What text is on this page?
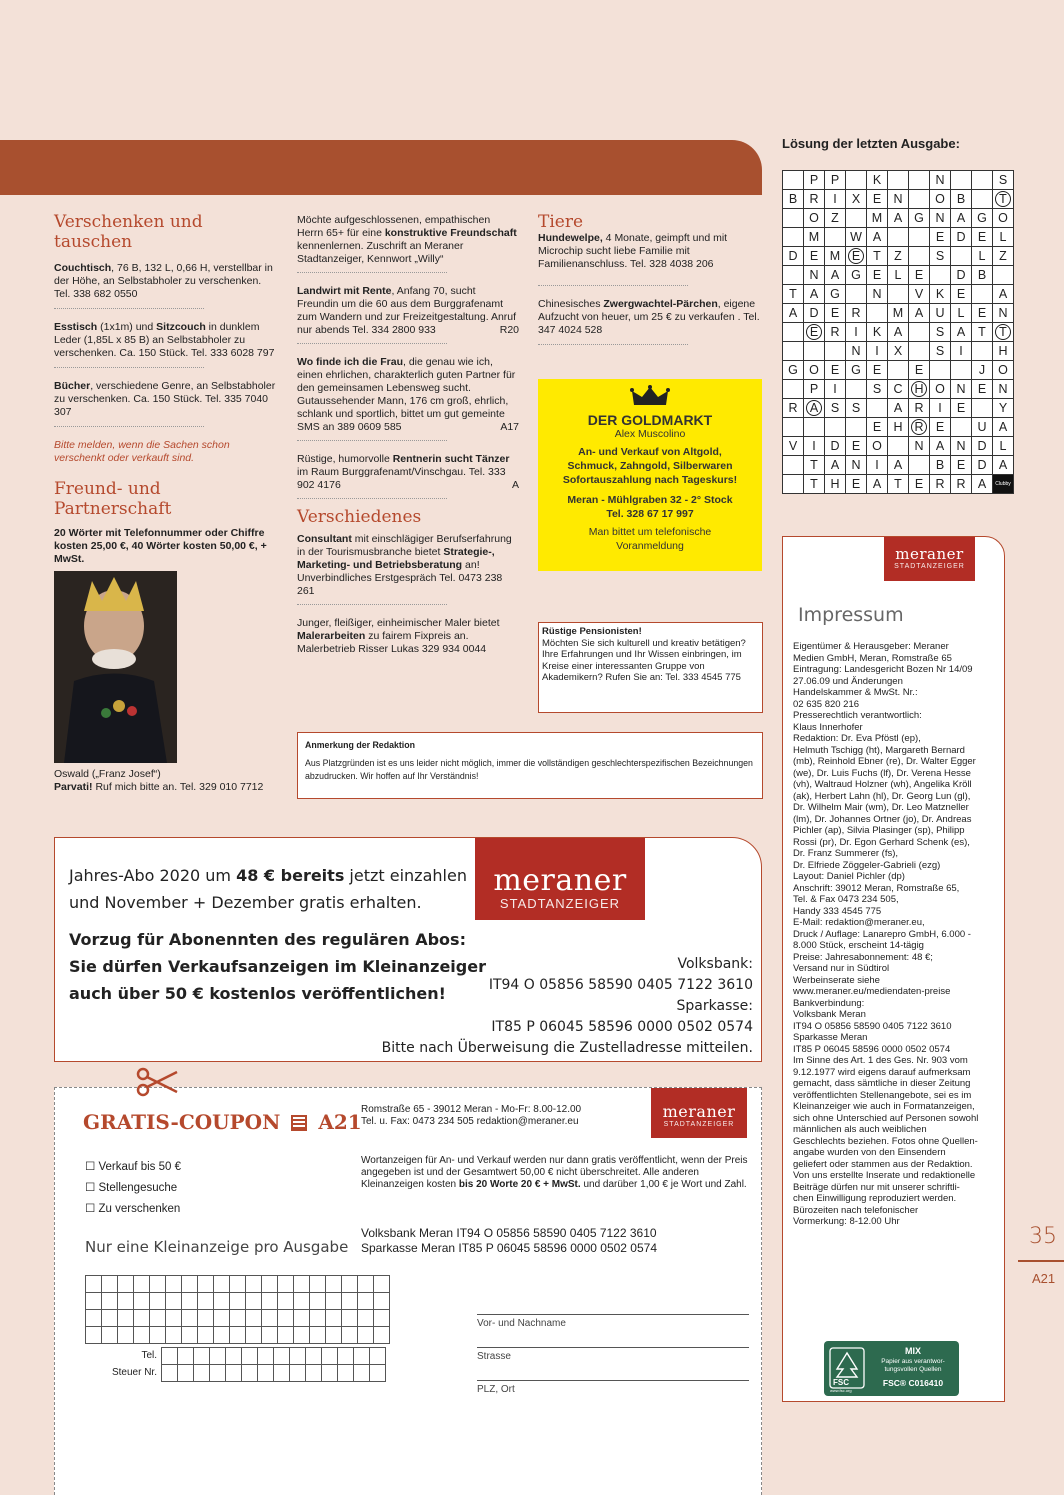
Verschenken und tauschen
Couchtisch, 76 B, 132 L, 0,66 H, verstellbar in der Höhe, an Selbstabholer zu verschenken. Tel. 338 682 0550
Esstisch (1x1m) und Sitzcouch in dunklem Leder (1,85L x 85 B) an Selbstabholer zu verschenken. Ca. 150 Stück. Tel. 333 6028 797
Bücher, verschiedene Genre, an Selbstabholer zu verschenken. Ca. 150 Stück. Tel. 335 7040 307
Bitte melden, wenn die Sachen schon verschenkt oder verkauft sind.
Freund- und Partnerschaft
20 Wörter mit Telefonnummer oder Chiffre kosten 25,00 €, 40 Wörter kosten 50,00 €, + MwSt.
Oswald („Franz Josef“)
Parvati! Ruf mich bitte an. Tel. 329 010 7712
Möchte aufgeschlossenen, empathischen Herrn 65+ für eine konstruktive Freundschaft kennenlernen. Zuschrift an Meraner Stadtanzeiger, Kennwort „Willy“
Landwirt mit Rente, Anfang 70, sucht Freundin um die 60 aus dem Burggrafenamt zum Wandern und zur Freizeitgestaltung. Anruf nur abends Tel. 334 2800 933	R20
Wo finde ich die Frau, die genau wie ich, einen ehrlichen, charakterlich guten Partner für den gemeinsamen Lebensweg sucht. Gutaussehender Mann, 176 cm groß, ehrlich, schlank und sportlich, bittet um gut gemeinte SMS an 389 0609 585	A17
Rüstige, humorvolle Rentnerin sucht Tänzer im Raum Burggrafenamt/Vinschgau. Tel. 333 902 4176	A
Verschiedenes
Consultant mit einschlägiger Berufserfahrung in der Tourismusbranche bietet Strategie-, Marketing- und Betriebsberatung an! Unverbindliches Erstgespräch Tel. 0473 238 261
Junger, fleißiger, einheimischer Maler bietet Malerarbeiten zu fairem Fixpreis an. Malerbetrieb Risser Lukas 329 934 0044
Tiere
Hundewelpe, 4 Monate, geimpft und mit Microchip sucht liebe Familie mit Familienanschluss. Tel. 328 4038 206
Chinesisches Zwergwachtel-Pärchen, eigene Aufzucht von heuer, um 25 € zu verkaufen . Tel. 347 4024 528
DER GOLDMARKT
Alex Muscolino
An- und Verkauf von Altgold,
Schmuck, Zahngold, Silberwaren
Sofortauszahlung nach Tageskurs!
Meran - Mühlgraben 32 - 2° Stock
Tel. 328 67 17 997
Man bittet um telefonische
Voranmeldung
Rüstige Pensionisten!
Möchten Sie sich kulturell und kreativ betätigen? Ihre Erfahrungen und Ihr Wissen einbringen, im Kreise einer interessanten Gruppe von Akademikern? Rufen Sie an: Tel. 333 4545 775
Anmerkung der Redaktion
Aus Platzgründen ist es uns leider nicht möglich, immer die vollständigen geschlechterspezifischen Bezeichnungen abzudrucken. Wir hoffen auf Ihr Verständnis!
Lösung der letzten Ausgabe:
	P	P		K			N			S
B	R	I	X	E	N		O	B		T
	O	Z		M	A	G	N	A	G	O
	M		W	A			E	D	E	L
D	E	M	E	T	Z		S		L	Z
	N	A	G	E	L	E		D	B	
T	A	G		N		V	K	E		A
A	D	E	R		M	A	U	L	E	N
	E	R	I	K	A		S	A	T	T
			N	I	X		S	I		H
G	O	E	G	E		E			J	O
	P	I		S	C	H	O	N	E	N
R	A	S	S		A	R	I	E		Y
				E	H	R	E		U	A
V	I	D	E	O		N	A	N	D	L
	T	A	N	I	A		B	E	D	A
	T	H	E	A	T	E	R	R	A	Clubby
meraner
STADTANZEIGER
Impressum
Eigentümer & Herausgeber: Meraner
Medien GmbH, Meran, Romstraße 65
Eintragung: Landesgericht Bozen Nr 14/09
27.06.09 und Änderungen
Handelskammer & MwSt. Nr.:
02 635 820 216
Presserechtlich verantwortlich:
Klaus Innerhofer
Redaktion: Dr. Eva Pföstl (ep),
Helmuth Tschigg (ht), Margareth Bernard
(mb), Reinhold Ebner (re), Dr. Walter Egger
(we), Dr. Luis Fuchs (lf), Dr. Verena Hesse
(vh), Waltraud Holzner (wh), Angelika Kröll
(ak), Herbert Lahn (hl), Dr. Georg Lun (gl),
Dr. Wilhelm Mair (wm), Dr. Leo Matzneller
(lm), Dr. Johannes Ortner (jo), Dr. Andreas
Pichler (ap), Silvia Plasinger (sp), Philipp
Rossi (pr), Dr. Egon Gerhard Schenk (es),
Dr. Franz Summerer (fs),
Dr. Elfriede Zöggeler-Gabrieli (ezg)
Layout: Daniel Pichler (dp)
Anschrift: 39012 Meran, Romstraße 65,
Tel. & Fax 0473 234 505,
Handy 333 4545 775
E-Mail: redaktion@meraner.eu,
Druck / Auflage: Lanarepro GmbH, 6.000 -
8.000 Stück, erscheint 14-tägig
Preise: Jahresabonnement: 48 €;
Versand nur in Südtirol
Werbeinserate siehe
www.meraner.eu/mediendaten-preise
Bankverbindung:
Volksbank Meran
IT94 O 05856 58590 0405 7122 3610
Sparkasse Meran
IT85 P 06045 58596 0000 0502 0574
Im Sinne des Art. 1 des Ges. Nr. 903 vom
9.12.1977 wird eigens darauf aufmerksam
gemacht, dass sämtliche in dieser Zeitung
veröffentlichten Stellenangebote, sei es im
Kleinanzeiger wie auch in Formatanzeigen,
sich ohne Unterschied auf Personen sowohl
männlichen als auch weiblichen
Geschlechts beziehen. Fotos ohne Quellen-
angabe wurden von den Einsendern
geliefert oder stammen aus der Redaktion.
Von uns erstellte Inserate und redaktionelle
Beiträge dürfen nur mit unserer schriftli-
chen Einwilligung reproduziert werden.
Bürozeiten nach telefonischer
Vormerkung: 8-12.00 Uhr
FSC
www.fsc.org
MIX
Papier aus verantwor-
tungsvollen Quellen
FSC® C016410
meraner
STADTANZEIGER
Jahres-Abo 2020 um 48 € bereits jetzt einzahlen
und November + Dezember gratis erhalten.
Vorzug für Abonennten des regulären Abos:
Sie dürfen Verkaufsanzeigen im Kleinanzeiger
auch über 50 € kostenlos veröffentlichen!
Volksbank:
IT94 O 05856 58590 0405 7122 3610
Sparkasse:
IT85 P 06045 58596 0000 0502 0574
Bitte nach Überweisung die Zustelladresse mitteilen.
GRATIS-COUPON A21
Romstraße 65 - 39012 Meran - Mo-Fr: 8.00-12.00
Tel. u. Fax: 0473 234 505 redaktion@meraner.eu
meraner
STADTANZEIGER
☐ Verkauf bis 50 €
☐ Stellengesuche
☐ Zu verschenken
Wortanzeigen für An- und Verkauf werden nur dann gratis veröffentlicht, wenn der Preis angegeben ist und der Gesamtwert 50,00 € nicht überschreitet. Alle anderen Kleinanzeigen kosten bis 20 Worte 20 € + MwSt. und darüber 1,00 € je Wort und Zahl.
Volksbank Meran IT94 O 05856 58590 0405 7122 3610
Sparkasse Meran IT85 P 06045 58596 0000 0502 0574
Nur eine Kleinanzeige pro Ausgabe

Tel.

Steuer Nr.

Vor- und Nachname
Strasse
PLZ, Ort
35
A21
